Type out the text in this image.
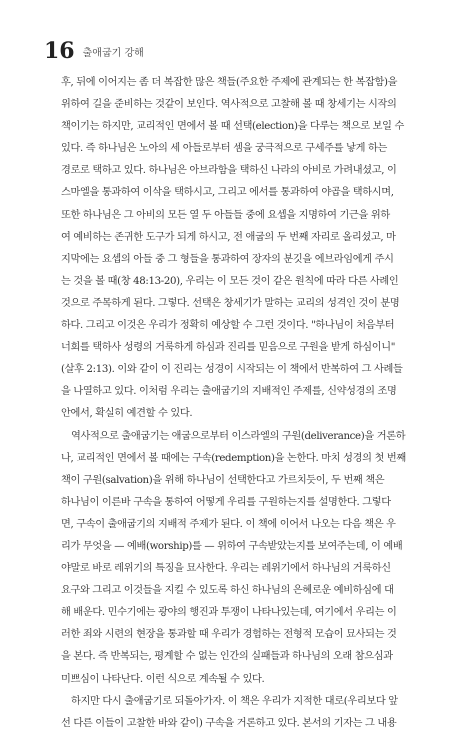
16 출애굽기 강해
후, 뒤에 이어지는 좀 더 복잡한 많은 책들(주요한 주제에 관계되는 한 복잡함)을
위하여 길을 준비하는 것같이 보인다. 역사적으로 고찰해 볼 때 창세기는 시작의
책이기는 하지만, 교리적인 면에서 볼 때 선택(election)을 다루는 책으로 보일 수
있다. 즉 하나님은 노아의 세 아들로부터 셈을 궁극적으로 구세주를 낳게 하는
경로로 택하고 있다. 하나님은 아브라함을 택하신 나라의 아비로 가려내셨고, 이
스마엘을 통과하여 이삭을 택하시고, 그리고 에서를 통과하여 야곱을 택하시며,
또한 하나님은 그 아비의 모든 열 두 아들들 중에 요셉을 지명하여 기근을 위하
여 예비하는 존귀한 도구가 되게 하시고, 전 애굽의 두 번째 자리로 올리셨고, 마
지막에는 요셉의 아들 중 그 형들을 통과하여 장자의 분깃을 에브라임에게 주시
는 것을 볼 때(창 48:13-20), 우리는 이 모든 것이 같은 원칙에 따라 다른 사례인
것으로 주목하게 된다. 그렇다. 선택은 창세기가 말하는 교리의 성격인 것이 분명
하다. 그리고 이것은 우리가 정확히 예상할 수 그런 것이다. "하나님이 처음부터
너희를 택하사 성령의 거룩하게 하심과 진리를 믿음으로 구원을 받게 하심이니"
(살후 2:13). 이와 같이 이 진리는 성경이 시작되는 이 책에서 반복하여 그 사례들
을 나열하고 있다. 이처럼 우리는 출애굽기의 지배적인 주제를, 신약성경의 조명
안에서, 확실히 예견할 수 있다.
역사적으로 출애굽기는 애굽으로부터 이스라엘의 구원(deliverance)을 거론하
나, 교리적인 면에서 볼 때에는 구속(redemption)을 논한다. 마치 성경의 첫 번째
책이 구원(salvation)을 위해 하나님이 선택한다고 가르치듯이, 두 번째 책은
하나님이 이른바 구속을 통하여 어떻게 우리를 구원하는지를 설명한다. 그렇다
면, 구속이 출애굽기의 지배적 주제가 된다. 이 책에 이어서 나오는 다음 책은 우
리가 무엇을 — 예배(worship)를 — 위하여 구속받았는지를 보여주는데, 이 예배
야말로 바로 레위기의 특징을 묘사한다. 우리는 레위기에서 하나님의 거룩하신
요구와 그리고 이것들을 지킬 수 있도록 하신 하나님의 은혜로운 예비하심에 대
해 배운다. 민수기에는 광야의 행진과 투쟁이 나타나있는데, 여기에서 우리는 이
러한 죄와 시련의 현장을 통과할 때 우리가 경험하는 전형적 모습이 묘사되는 것
을 본다. 즉 반복되는, 평계할 수 없는 인간의 실패들과 하나님의 오래 참으심과
미쁘심이 나타난다. 이런 식으로 계속될 수 있다.
하지만 다시 출애굽기로 되돌아가자. 이 책은 우리가 지적한 대로(우리보다 앞
선 다른 이들이 고찰한 바와 같이) 구속을 거론하고 있다. 본서의 기자는 그 내용
